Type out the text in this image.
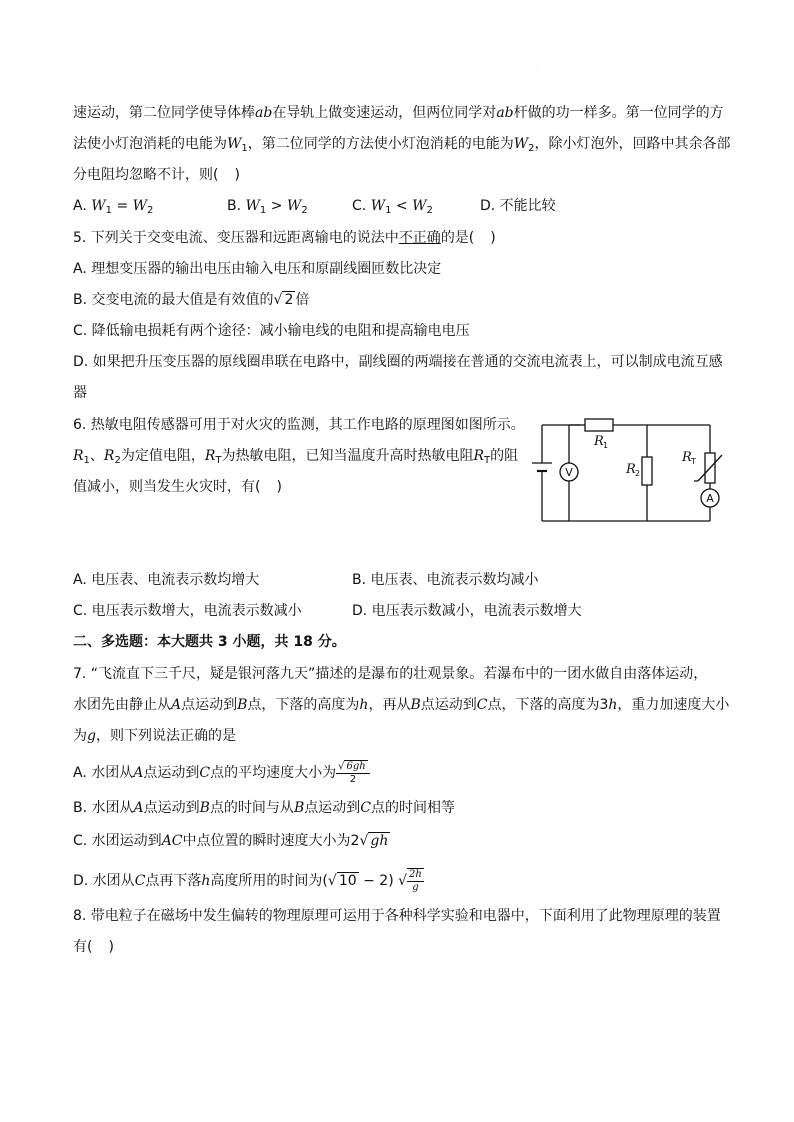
·
速运动，第二位同学使导体棒ab在导轨上做变速运动，但两位同学对ab杆做的功一样多。第一位同学的方
法使小灯泡消耗的电能为$W_1$，第二位同学的方法使小灯泡消耗的电能为$W_2$，除小灯泡外，回路中其余各部
分电阻均忽略不计，则( )
A. $W_1 = W_2$	B. $W_1 > W_2$	C. $W_1 < W_2$	D. 不能比较
5. 下列关于交变电流、变压器和远距离输电的说法中不正确的是( )
A. 理想变压器的输出电压由输入电压和原副线圈匝数比决定
B. 交变电流的最大值是有效值的√ 2 倍
C. 降低输电损耗有两个途径：减小输电线的电阻和提高输电电压
D. 如果把升压变压器的原线圈串联在电路中，副线圈的两端接在普通的交流电流表上，可以制成电流互感
器
6. 热敏电阻传感器可用于对火灾的监测，其工作电路的原理图如图所示。
$R_1$、$R_2$为定值电阻，$R_T$为热敏电阻，已知当温度升高时热敏电阻$R_T$的阻
值减小，则当发生火灾时，有( )
V
A
R
R
R
1
2
T
A. 电压表、电流表示数均增大	B. 电压表、电流表示数均减小
C. 电压表示数增大，电流表示数减小	D. 电压表示数减小，电流表示数增大
二、多选题：本大题共 3 小题，共 18 分。
7. “飞流直下三千尺，疑是银河落九天”描述的是瀑布的壮观景象。若瀑布中的一团水做自由落体运动，
水团先由静止从A点运动到B点，下落的高度为h，再从B点运动到C点，下落的高度为3h，重力加速度大小
为g，则下列说法正确的是
A. 水团从A点运动到C点的平均速度大小为 $\frac{√ 6gh}{2}$
B. 水团从A点运动到B点的时间与从B点运动到C点的时间相等
C. 水团运动到AC中点位置的瞬时速度大小为2√ gh
D. 水团从C点再下落h高度所用的时间为(√ 10 − 2) √ $\frac{2h}{g}$
8. 带电粒子在磁场中发生偏转的物理原理可运用于各种科学实验和电器中，下面利用了此物理原理的装置
有( )
